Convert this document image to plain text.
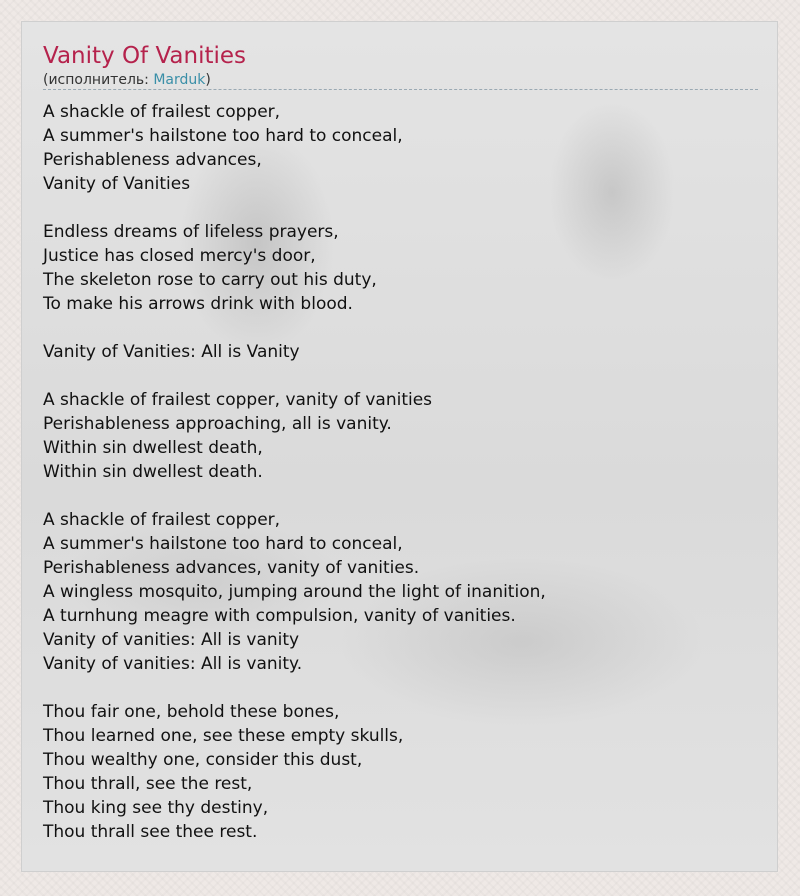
Vanity Of Vanities
(исполнитель: Marduk)
A shackle of frailest copper,
A summer's hailstone too hard to conceal,
Perishableness advances,
Vanity of Vanities
Endless dreams of lifeless prayers,
Justice has closed mercy's door,
The skeleton rose to carry out his duty,
To make his arrows drink with blood.
Vanity of Vanities: All is Vanity
A shackle of frailest copper, vanity of vanities
Perishableness approaching, all is vanity.
Within sin dwellest death,
Within sin dwellest death.
A shackle of frailest copper,
A summer's hailstone too hard to conceal,
Perishableness advances, vanity of vanities.
A wingless mosquito, jumping around the light of inanition,
A turnhung meagre with compulsion, vanity of vanities.
Vanity of vanities: All is vanity
Vanity of vanities: All is vanity.
Thou fair one, behold these bones,
Thou learned one, see these empty skulls,
Thou wealthy one, consider this dust,
Thou thrall, see the rest,
Thou king see thy destiny,
Thou thrall see thee rest.
